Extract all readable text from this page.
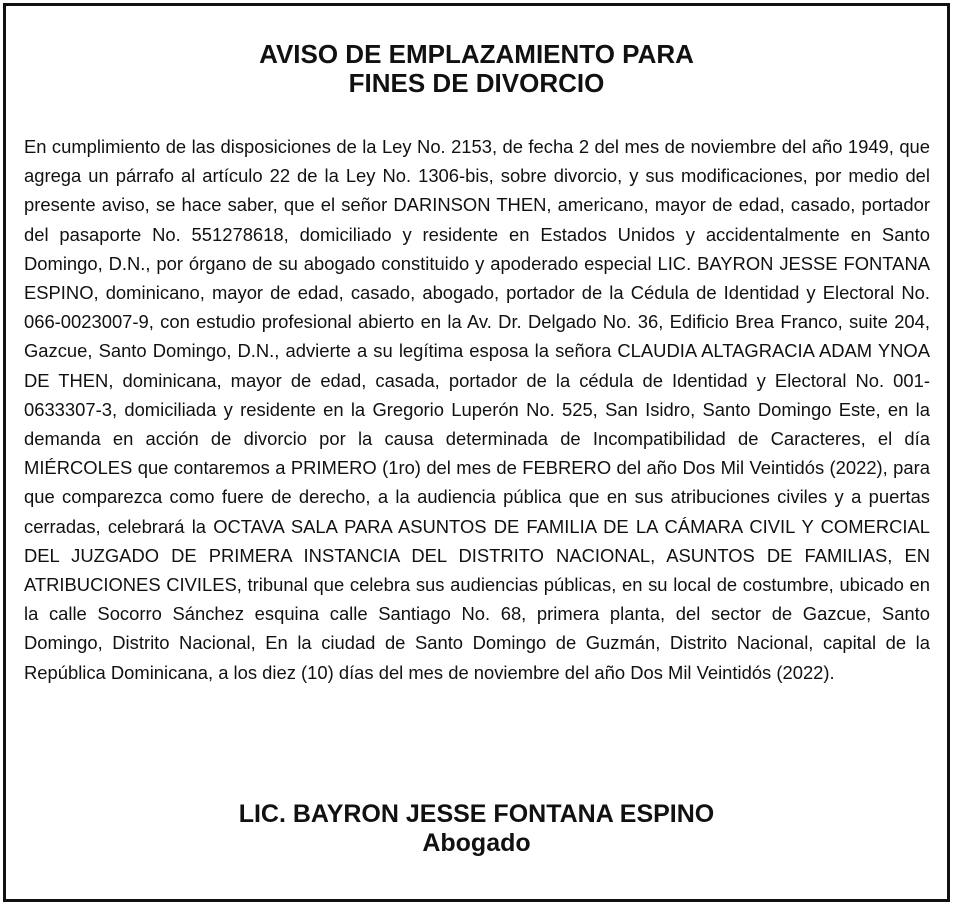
AVISO DE EMPLAZAMIENTO PARA
FINES DE DIVORCIO

En cumplimiento de las disposiciones de la Ley No. 2153, de fecha 2 del mes de noviembre del año 1949, que agrega un párrafo al artículo 22 de la Ley No. 1306-bis, sobre divorcio, y sus modificaciones, por medio del presente aviso, se hace saber, que el señor DARINSON THEN, americano, mayor de edad, casado, portador del pasaporte No. 551278618, domiciliado y residente en Estados Unidos y accidentalmente en Santo Domingo, D.N., por órgano de su abogado constituido y apoderado especial LIC. BAYRON JESSE FONTANA ESPINO, dominicano, mayor de edad, casado, abogado, portador de la Cédula de Identidad y Electoral No. 066-0023007-9, con estudio profesional abierto en la Av. Dr. Delgado No. 36, Edificio Brea Franco, suite 204, Gazcue, Santo Domingo, D.N., advierte a su legítima esposa la señora CLAUDIA ALTAGRACIA ADAM YNOA DE THEN, dominicana, mayor de edad, casada, portador de la cédula de Identidad y Electoral No. 001-0633307-3, domiciliada y residente en la Gregorio Luperón No. 525, San Isidro, Santo Domingo Este, en la demanda en acción de divorcio por la causa determinada de Incompatibilidad de Caracteres, el día MIÉRCOLES que contaremos a PRIMERO (1ro) del mes de FEBRERO del año Dos Mil Veintidós (2022), para que comparezca como fuere de derecho, a la audiencia pública que en sus atribuciones civiles y a puertas cerradas, celebrará la OCTAVA SALA PARA ASUNTOS DE FAMILIA DE LA CÁMARA CIVIL Y COMERCIAL DEL JUZGADO DE PRIMERA INSTANCIA DEL DISTRITO NACIONAL, ASUNTOS DE FAMILIAS, EN ATRIBUCIONES CIVILES, tribunal que celebra sus audiencias públicas, en su local de costumbre, ubicado en la calle Socorro Sánchez esquina calle Santiago No. 68, primera planta, del sector de Gazcue, Santo Domingo, Distrito Nacional, En la ciudad de Santo Domingo de Guzmán, Distrito Nacional, capital de la República Dominicana, a los diez (10) días del mes de noviembre del año Dos Mil Veintidós (2022).

LIC. BAYRON JESSE FONTANA ESPINO
Abogado
